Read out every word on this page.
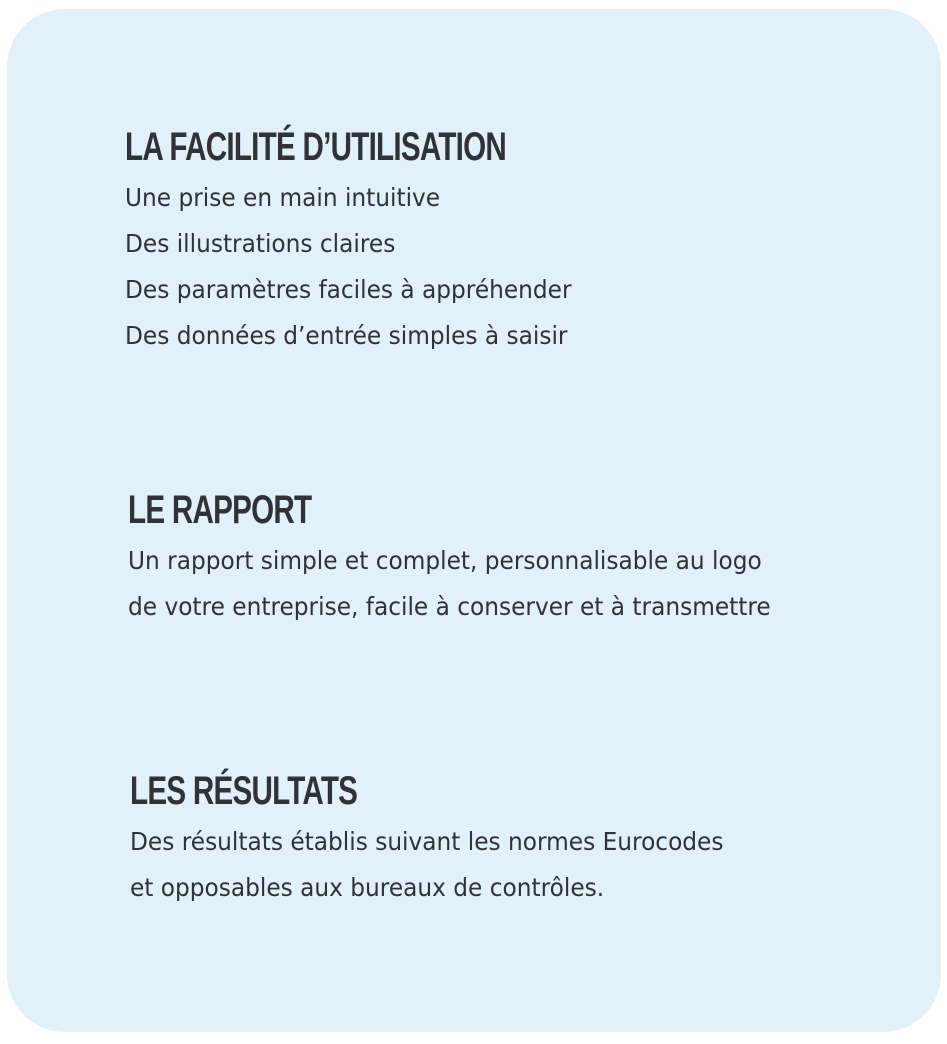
LA FACILITÉ D’UTILISATION
Une prise en main intuitive
Des illustrations claires
Des paramètres faciles à appréhender
Des données d’entrée simples à saisir
LE RAPPORT
Un rapport simple et complet, personnalisable au logo
de votre entreprise, facile à conserver et à transmettre
LES RÉSULTATS
Des résultats établis suivant les normes Eurocodes
et opposables aux bureaux de contrôles.
